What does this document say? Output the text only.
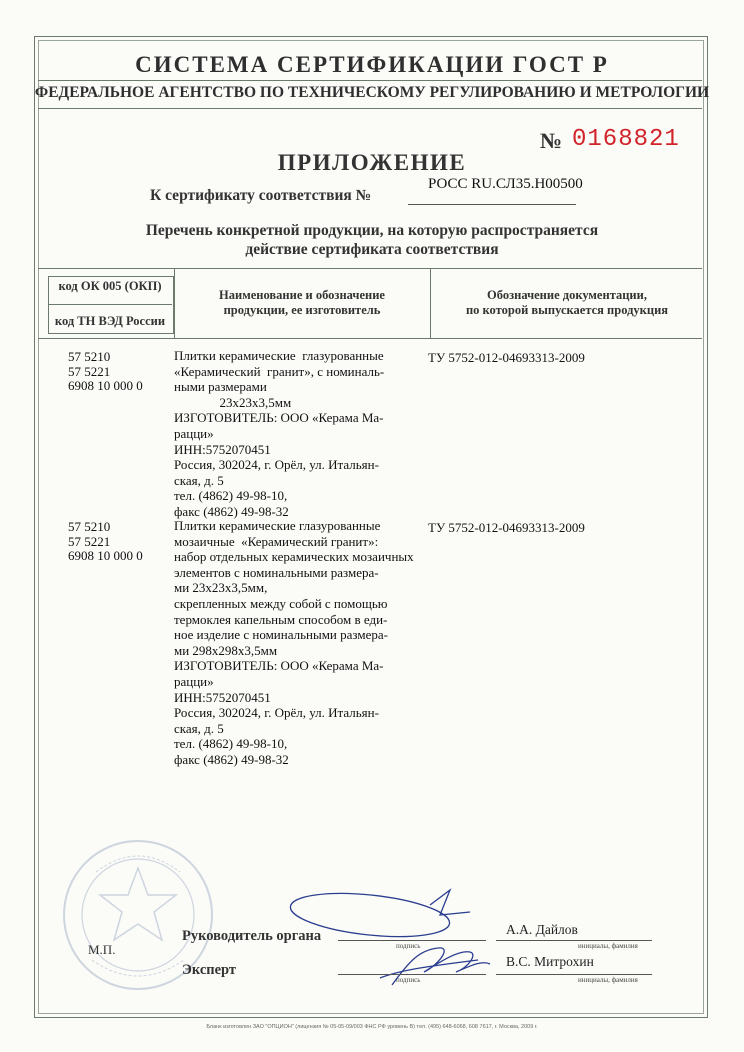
СИСТЕМА СЕРТИФИКАЦИИ ГОСТ Р
ФЕДЕРАЛЬНОЕ АГЕНТСТВО ПО ТЕХНИЧЕСКОМУ РЕГУЛИРОВАНИЮ И МЕТРОЛОГИИ
№ 0168821
ПРИЛОЖЕНИЕ
К сертификату соответствия №
РОСС RU.СЛ35.Н00500
Перечень конкретной продукции, на которую распространяется
действие сертификата соответствия
код ОК 005 (ОКП)
код ТН ВЭД России
Наименование и обозначение
продукции, ее изготовитель
Обозначение документации,
по которой выпускается продукция
57 5210
57 5221
6908 10 000 0
Плитки керамические  глазурованные
«Керамический  гранит», с номиналь-
ными размерами
23х23х3,5мм
ИЗГОТОВИТЕЛЬ: ООО «Керама Ма-
рацци»
ИНН:5752070451
Россия, 302024, г. Орёл, ул. Итальян-
ская, д. 5
тел. (4862) 49-98-10,
факс (4862) 49-98-32
ТУ 5752-012-04693313-2009
57 5210
57 5221
6908 10 000 0
Плитки керамические глазурованные
мозаичные  «Керамический гранит»:
набор отдельных керамических мозаичных
элементов с номинальными размера-
ми 23х23х3,5мм,
скрепленных между собой с помощью
термоклея капельным способом в еди-
ное изделие с номинальными размера-
ми 298х298х3,5мм
ИЗГОТОВИТЕЛЬ: ООО «Керама Ма-
рацци»
ИНН:5752070451
Россия, 302024, г. Орёл, ул. Итальян-
ская, д. 5
тел. (4862) 49-98-10,
факс (4862) 49-98-32
ТУ 5752-012-04693313-2009
М.П.
Руководитель органа
Эксперт
подпись
подпись
А.А. Дайлов
В.С. Митрохин
инициалы, фамилия
инициалы, фамилия
Бланк изготовлен ЗАО "ОПЦИОН" (лицензия № 05-05-09/003 ФНС РФ уровень В) тел. (495) 648-6068, 608 7617, г. Москва, 2009 г.
